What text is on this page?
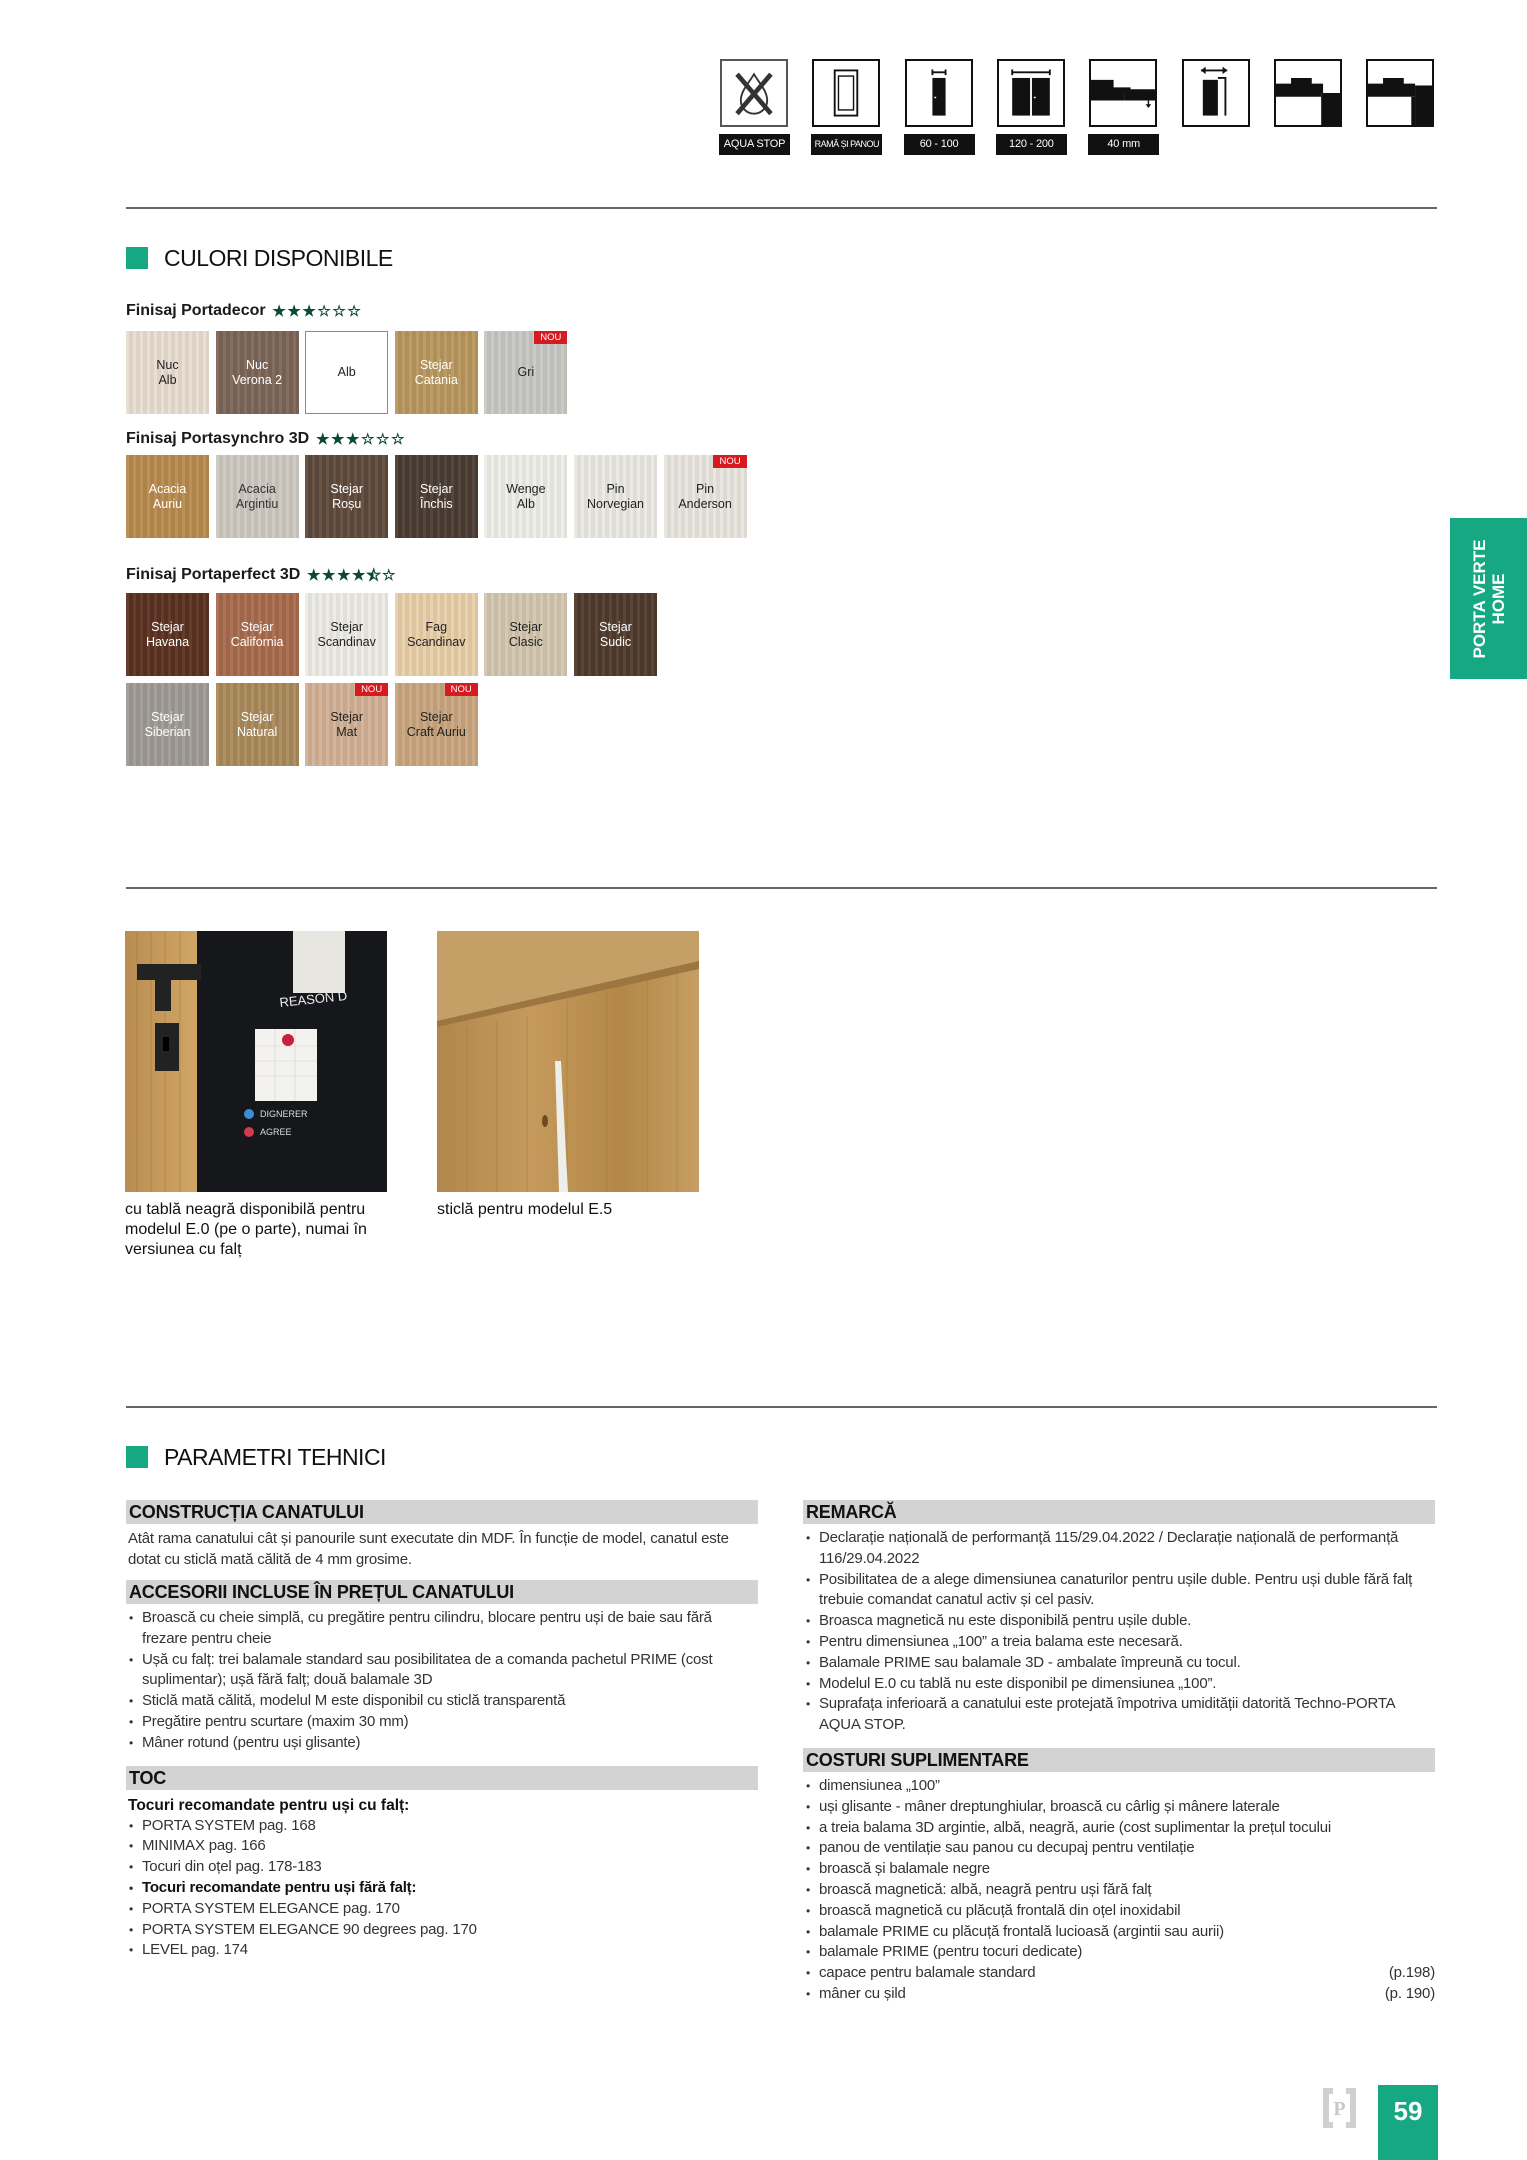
AQUA STOP	RAMĂ ȘI PANOU	60 - 100	120 - 200	40 mm
CULORI DISPONIBILE
Finisaj Portadecor ★ ★ ★ ☆ ☆ ☆
Nuc
Alb
Nuc
Verona 2
Alb
Stejar
Catania
Gri
NOU
Finisaj Portasynchro 3D ★ ★ ★ ☆ ☆ ☆
Acacia
Auriu
Acacia
Argintiu
Stejar
Roșu
Stejar
Închis
Wenge
Alb
Pin
Norvegian
Pin
Anderson
NOU
Finisaj Portaperfect 3D ★ ★ ★ ★ ★ ☆
Stejar
Havana
Stejar
California
Stejar
Scandinav
Fag
Scandinav
Stejar
Clasic
Stejar
Sudic
Stejar
Siberian
Stejar
Natural
Stejar
Mat
NOU
Stejar
Craft Auriu
NOU
REASON D
DIGNERER
AGREE
cu tablă neagră disponibilă pentru modelul E.0 (pe o parte), numai în versiunea cu falț
sticlă pentru modelul E.5
PARAMETRI TEHNICI
CONSTRUCȚIA CANATULUI
Atât rama canatului cât și panourile sunt executate din MDF. În funcție de model, canatul este dotat cu sticlă mată călită de 4 mm grosime.
ACCESORII INCLUSE ÎN PREȚUL CANATULUI
• Broască cu cheie simplă, cu pregătire pentru cilindru, blocare pentru uși de baie sau fără frezare pentru cheie
• Ușă cu falț: trei balamale standard sau posibilitatea de a comanda pachetul PRIME (cost suplimentar); ușă fără falț; două balamale 3D
• Sticlă mată călită, modelul M este disponibil cu sticlă transparentă
• Pregătire pentru scurtare (maxim 30 mm)
• Mâner rotund (pentru uși glisante)
TOC
Tocuri recomandate pentru uși cu falț:
• PORTA SYSTEM pag. 168
• MINIMAX pag. 166
• Tocuri din oțel pag. 178-183
• Tocuri recomandate pentru uși fără falț:
• PORTA SYSTEM ELEGANCE pag. 170
• PORTA SYSTEM ELEGANCE 90 degrees pag. 170
• LEVEL pag. 174
REMARCĂ
• Declarație națională de performanță 115/29.04.2022 / Declarație națională de performanță 116/29.04.2022
• Posibilitatea de a alege dimensiunea canaturilor pentru ușile duble. Pentru uși duble fără falț trebuie comandat canatul activ și cel pasiv.
• Broasca magnetică nu este disponibilă pentru ușile duble.
• Pentru dimensiunea „100” a treia balama este necesară.
• Balamale PRIME sau balamale 3D - ambalate împreună cu tocul.
• Modelul E.0 cu tablă nu este disponibil pe dimensiunea „100”.
• Suprafața inferioară a canatului este protejată împotriva umidității datorită Techno-PORTA AQUA STOP.
COSTURI SUPLIMENTARE
• dimensiunea „100”
• uși glisante - mâner dreptunghiular, broască cu cârlig și mânere laterale
• a treia balama 3D argintie, albă, neagră, aurie (cost suplimentar la prețul tocului
• panou de ventilație sau panou cu decupaj pentru ventilație
• broască și balamale negre
• broască magnetică: albă, neagră pentru uși fără falț
• broască magnetică cu plăcuță frontală din oțel inoxidabil
• balamale PRIME cu plăcuță frontală lucioasă (argintii sau aurii)
• balamale PRIME (pentru tocuri dedicate)
• capace pentru balamale standard	(p.198)
• mâner cu șild	(p. 190)
PORTA VERTE HOME
P	59
